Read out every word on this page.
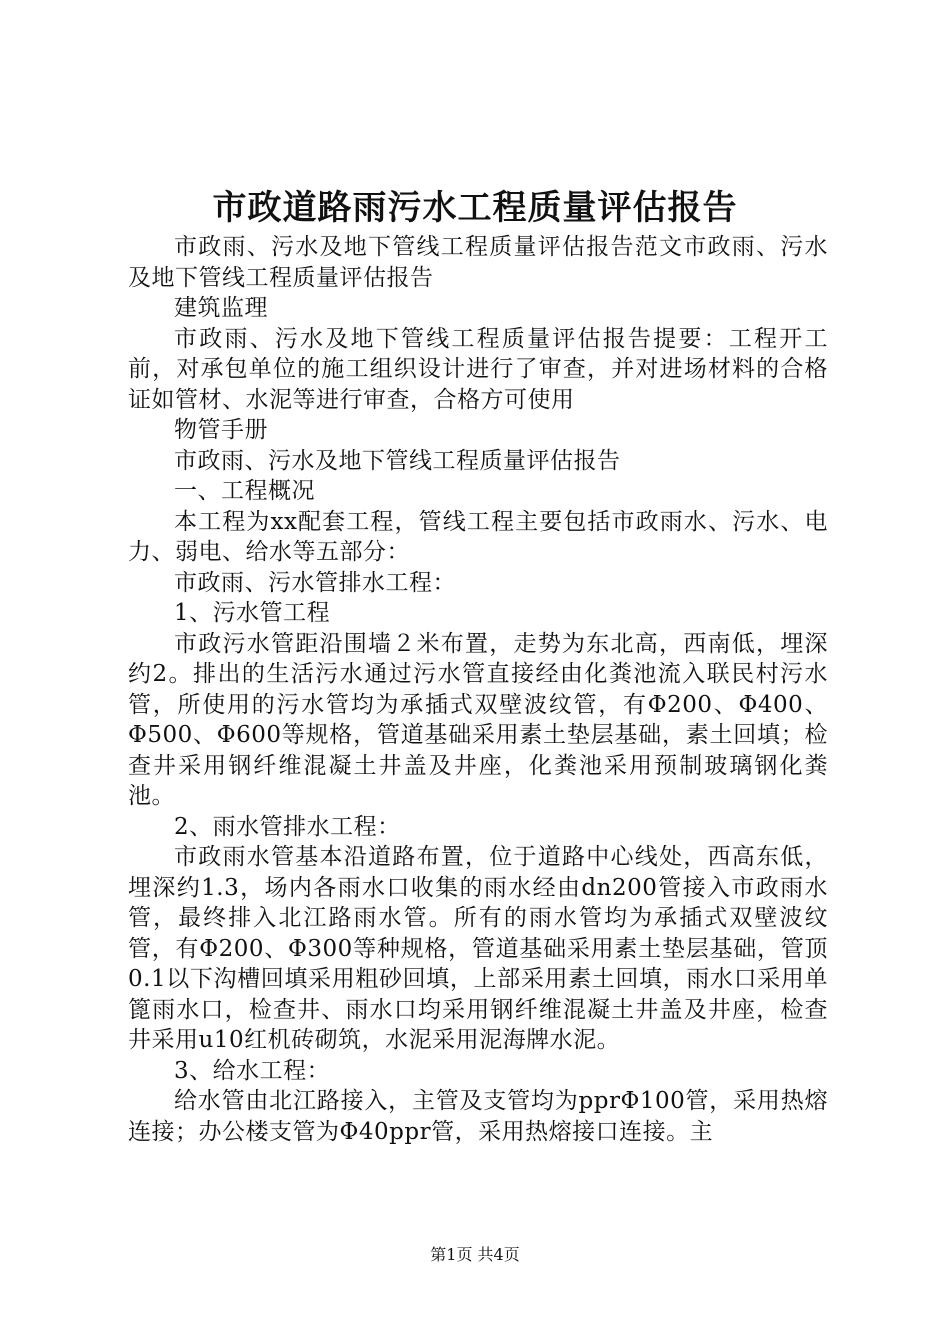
市政道路雨污水工程质量评估报告

市政雨、污水及地下管线工程质量评估报告范文市政雨、污水及地下管线工程质量评估报告

建筑监理

市政雨、污水及地下管线工程质量评估报告提要：工程开工前，对承包单位的施工组织设计进行了审查，并对进场材料的合格证如管材、水泥等进行审查，合格方可使用

物管手册

市政雨、污水及地下管线工程质量评估报告

一、工程概况

本工程为xx配套工程，管线工程主要包括市政雨水、污水、电力、弱电、给水等五部分：

市政雨、污水管排水工程：

1、污水管工程

市政污水管距沿围墙２米布置，走势为东北高，西南低，埋深约2。排出的生活污水通过污水管直接经由化粪池流入联民村污水管，所使用的污水管均为承插式双壁波纹管，有Φ200、Φ400、Φ500、Φ600等规格，管道基础采用素土垫层基础，素土回填；检查井采用钢纤维混凝土井盖及井座，化粪池采用预制玻璃钢化粪池。

2、雨水管排水工程：

市政雨水管基本沿道路布置，位于道路中心线处，西高东低，埋深约1.3，场内各雨水口收集的雨水经由dn200管接入市政雨水管，最终排入北江路雨水管。所有的雨水管均为承插式双壁波纹管，有Φ200、Φ300等种规格，管道基础采用素土垫层基础，管顶0.1以下沟槽回填采用粗砂回填，上部采用素土回填，雨水口采用单篦雨水口，检查井、雨水口均采用钢纤维混凝土井盖及井座，检查井采用u10红机砖砌筑，水泥采用泥海牌水泥。

3、给水工程：

给水管由北江路接入，主管及支管均为pprΦ100管，采用热熔连接；办公楼支管为Φ40ppr管，采用热熔接口连接。主

第1页 共4页
